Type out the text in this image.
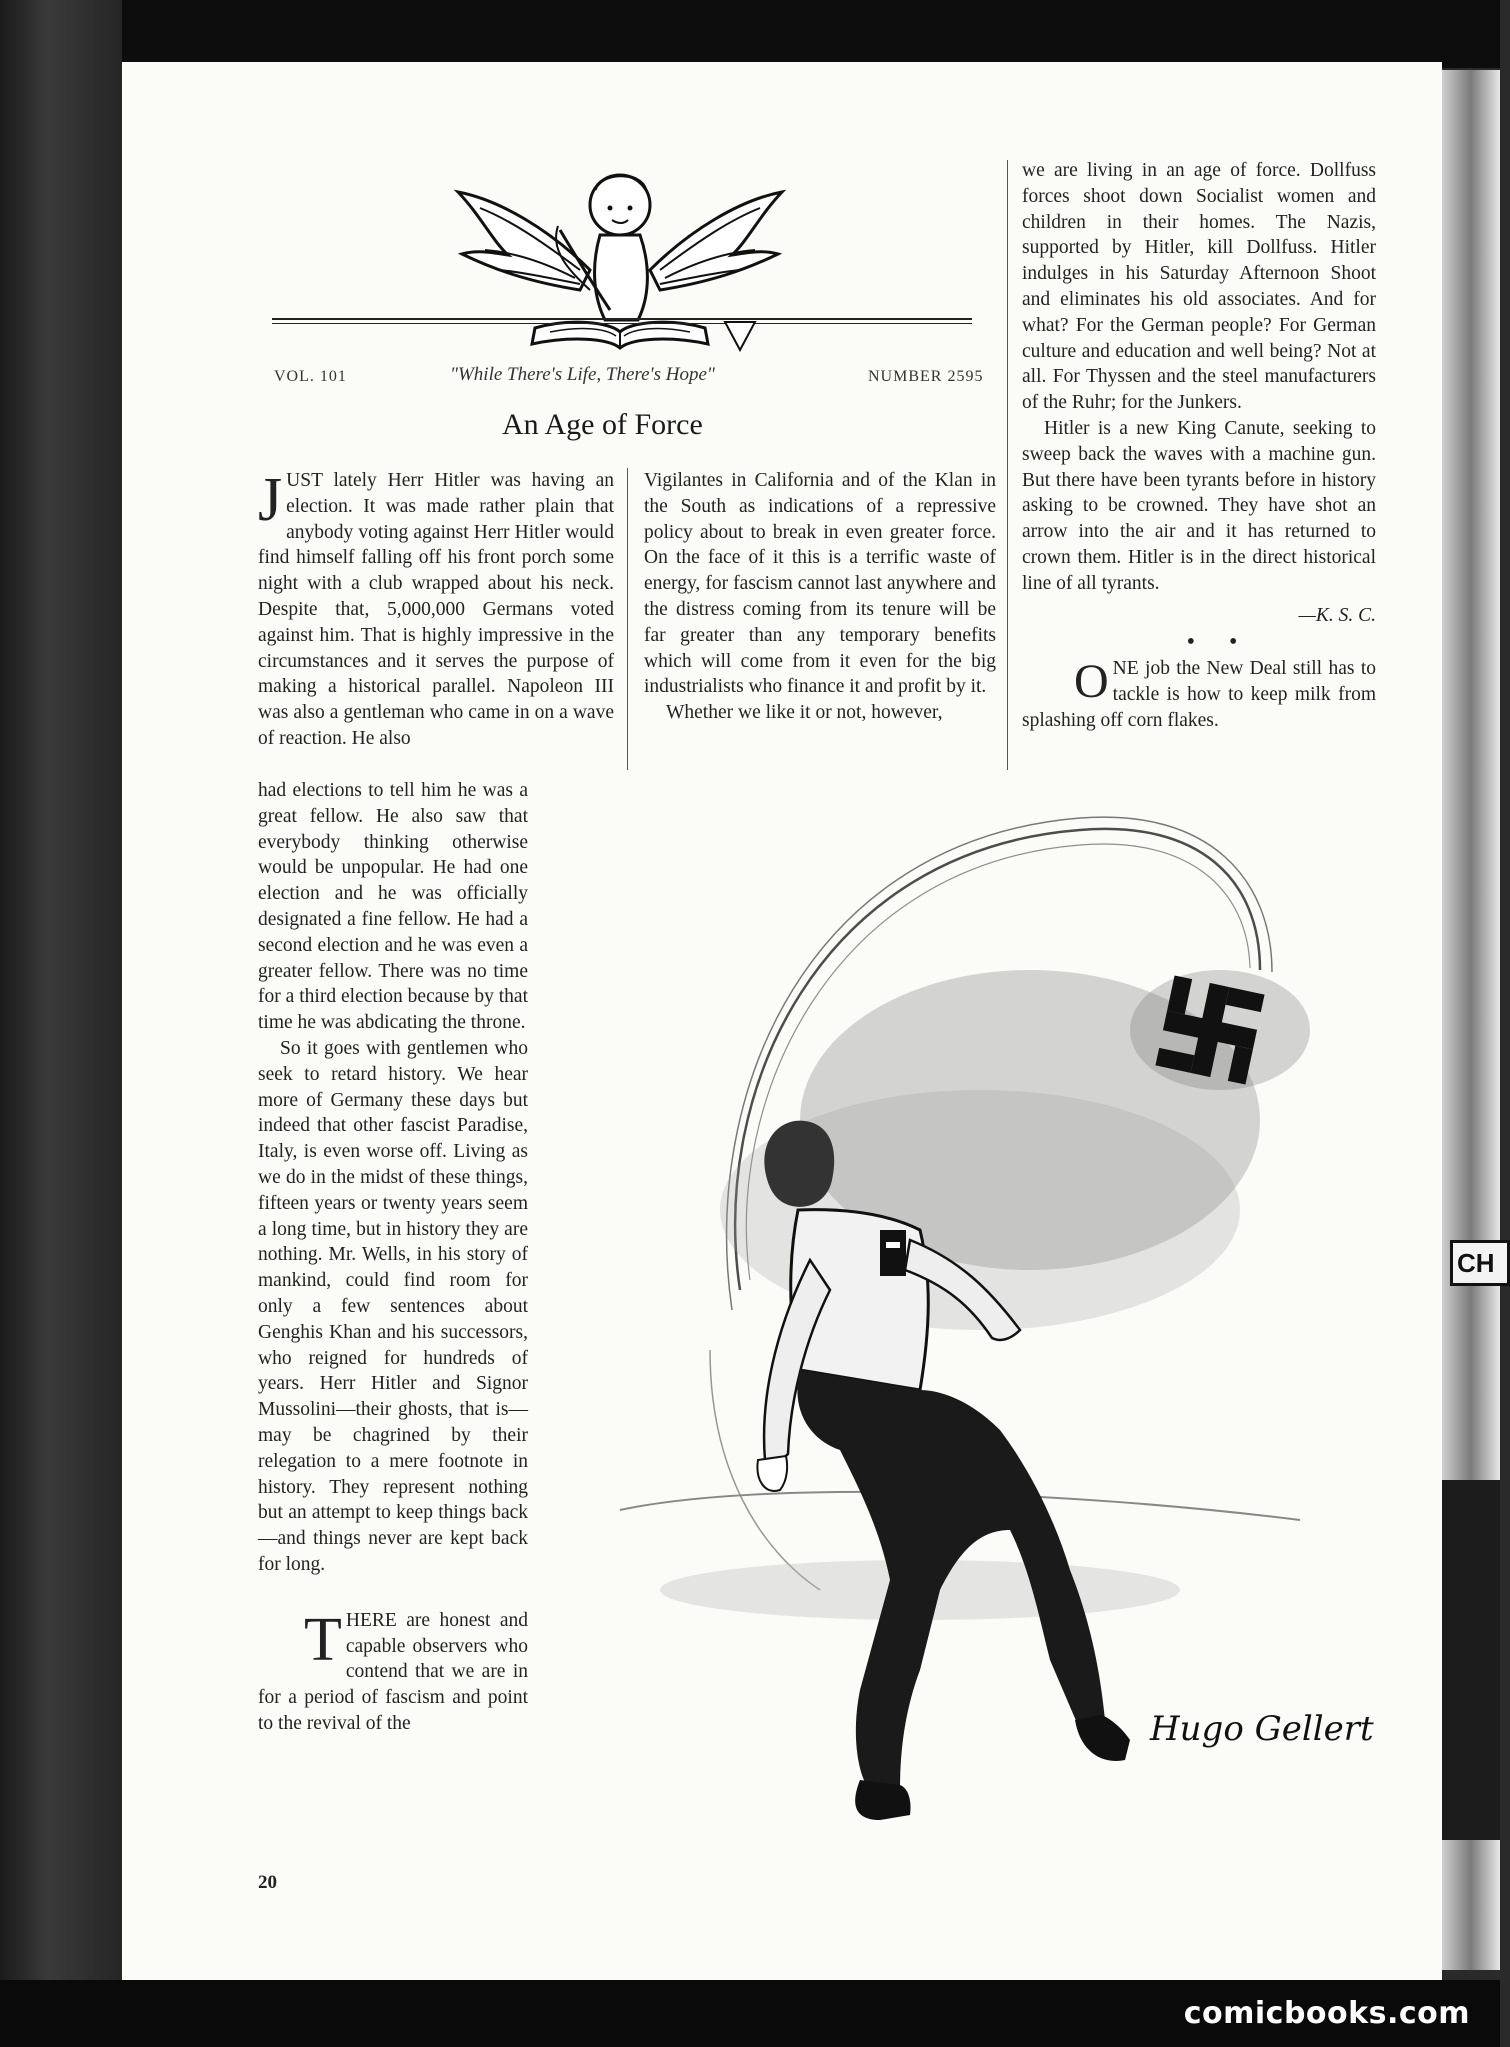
CH
VOL. 101	"While There's Life, There's Hope"	NUMBER 2595
An Age of Force

JUST lately Herr Hitler was having an election. It was made rather plain that anybody voting against Herr Hitler would find himself falling off his front porch some night with a club wrapped about his neck. Despite that, 5,000,000 Germans voted against him. That is highly impressive in the circumstances and it serves the purpose of making a historical parallel. Napoleon III was also a gentleman who came in on a wave of reaction. He also

Vigilantes in California and of the Klan in the South as indications of a repressive policy about to break in even greater force. On the face of it this is a terrific waste of energy, for fascism cannot last anywhere and the distress coming from its tenure will be far greater than any temporary benefits which will come from it even for the big industrialists who finance it and profit by it.

Whether we like it or not, however,

we are living in an age of force. Dollfuss forces shoot down Socialist women and children in their homes. The Nazis, supported by Hitler, kill Dollfuss. Hitler indulges in his Saturday Afternoon Shoot and eliminates his old associates. And for what? For the German people? For German culture and education and well being? Not at all. For Thyssen and the steel manufacturers of the Ruhr; for the Junkers.

Hitler is a new King Canute, seeking to sweep back the waves with a machine gun. But there have been tyrants before in history asking to be crowned. They have shot an arrow into the air and it has returned to crown them. Hitler is in the direct historical line of all tyrants.

—K. S. C.

• •

ONE job the New Deal still has to tackle is how to keep milk from splashing off corn flakes.

had elections to tell him he was a great fellow. He also saw that everybody thinking otherwise would be unpopular. He had one election and he was officially designated a fine fellow. He had a second election and he was even a greater fellow. There was no time for a third election because by that time he was abdicating the throne.

So it goes with gentlemen who seek to retard history. We hear more of Germany these days but indeed that other fascist Paradise, Italy, is even worse off. Living as we do in the midst of these things, fifteen years or twenty years seem a long time, but in history they are nothing. Mr. Wells, in his story of mankind, could find room for only a few sentences about Genghis Khan and his successors, who reigned for hundreds of years. Herr Hitler and Signor Mussolini—their ghosts, that is—may be chagrined by their relegation to a mere footnote in history. They represent nothing but an attempt to keep things back—and things never are kept back for long.

THERE are honest and capable observers who contend that we are in for a period of fascism and point to the revival of the	Hugo Gellert
20
comicbooks.com
